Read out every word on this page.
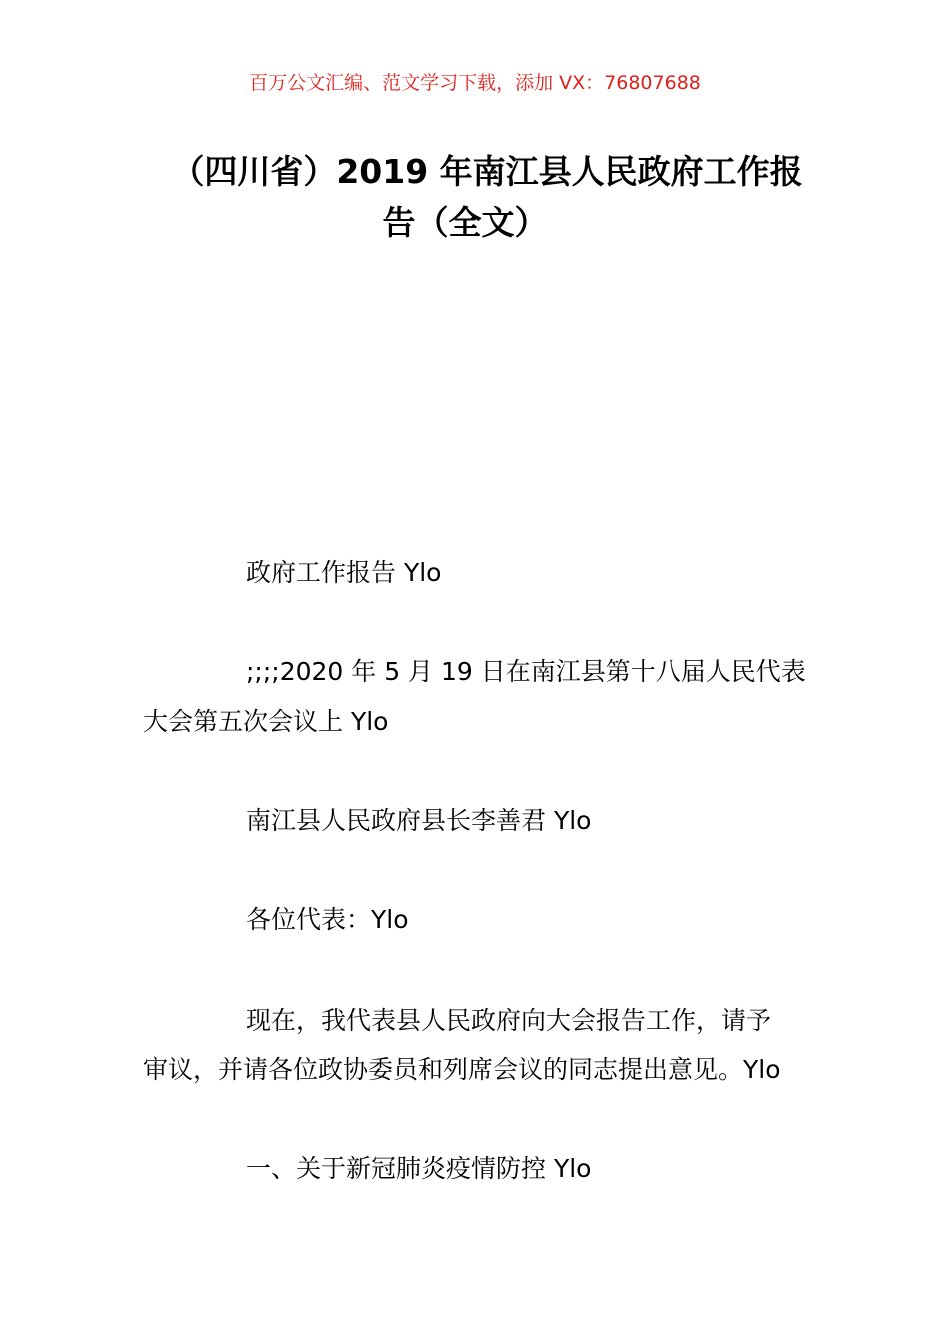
百万公文汇编、范文学习下载，添加 VX：76807688
（四川省）2019 年南江县人民政府工作报
告（全文）
政府工作报告 Ylo
;;;;2020 年 5 月 19 日在南江县第十八届人民代表
大会第五次会议上 Ylo
南江县人民政府县长李善君 Ylo
各位代表：Ylo
现在，我代表县人民政府向大会报告工作，请予
审议，并请各位政协委员和列席会议的同志提出意见。Ylo
一、关于新冠肺炎疫情防控 Ylo
